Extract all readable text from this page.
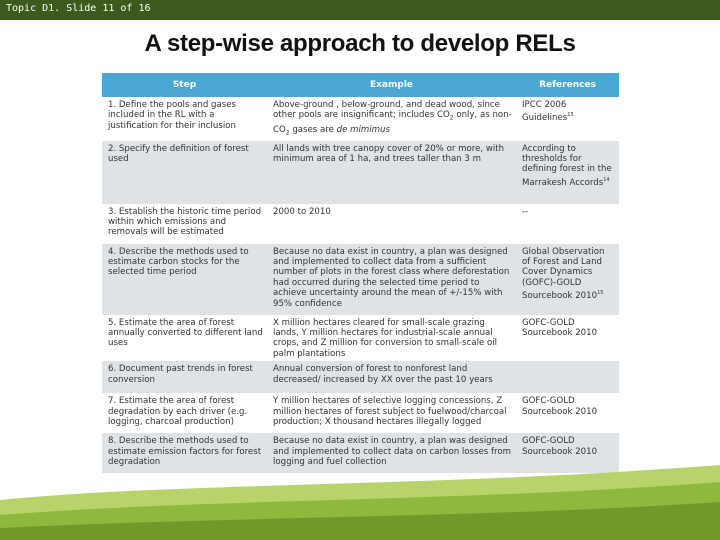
Topic D1. Slide 11 of 16
A step-wise approach to develop RELs
Step	Example	References
1. Define the pools and gases included in the RL with a justification for their inclusion	Above-ground , below-ground, and dead wood, since other pools are insignificant; includes $CO_2$ only, as non-$CO_2$ gases are de mimimus	IPCC 2006 Guidelines$^{13}$
2. Specify the definition of forest used	All lands with tree canopy cover of 20% or more, with minimum area of 1 ha, and trees taller than 3 m	According to thresholds for defining forest in the Marrakesh Accords$^{14}$
3. Establish the historic time period within which emissions and removals will be estimated	2000 to 2010	--
4. Describe the methods used to estimate carbon stocks for the selected time period	Because no data exist in country, a plan was designed and implemented to collect data from a sufficient number of plots in the forest class where deforestation had occurred during the selected time period to achieve uncertainty around the mean of +/-15% with 95% confidence	Global Observation of Forest and Land Cover Dynamics (GOFC)-GOLD Sourcebook 2010$^{15}$
5. Estimate the area of forest annually converted to different land uses	X million hectares cleared for small-scale grazing lands, Y million hectares for industrial-scale annual crops, and Z million for conversion to small-scale oil palm plantations	GOFC-GOLD Sourcebook 2010
6. Document past trends in forest conversion	Annual conversion of forest to nonforest land decreased/ increased by XX over the past 10 years	
7. Estimate the area of forest degradation by each driver (e.g. logging, charcoal production)	Y million hectares of selective logging concessions, Z million hectares of forest subject to fuelwood/charcoal production; X thousand hectares illegally logged	GOFC-GOLD Sourcebook 2010
8. Describe the methods used to estimate emission factors for forest degradation	Because no data exist in country, a plan was designed and implemented to collect data on carbon losses from logging and fuel collection	GOFC-GOLD Sourcebook 2010
